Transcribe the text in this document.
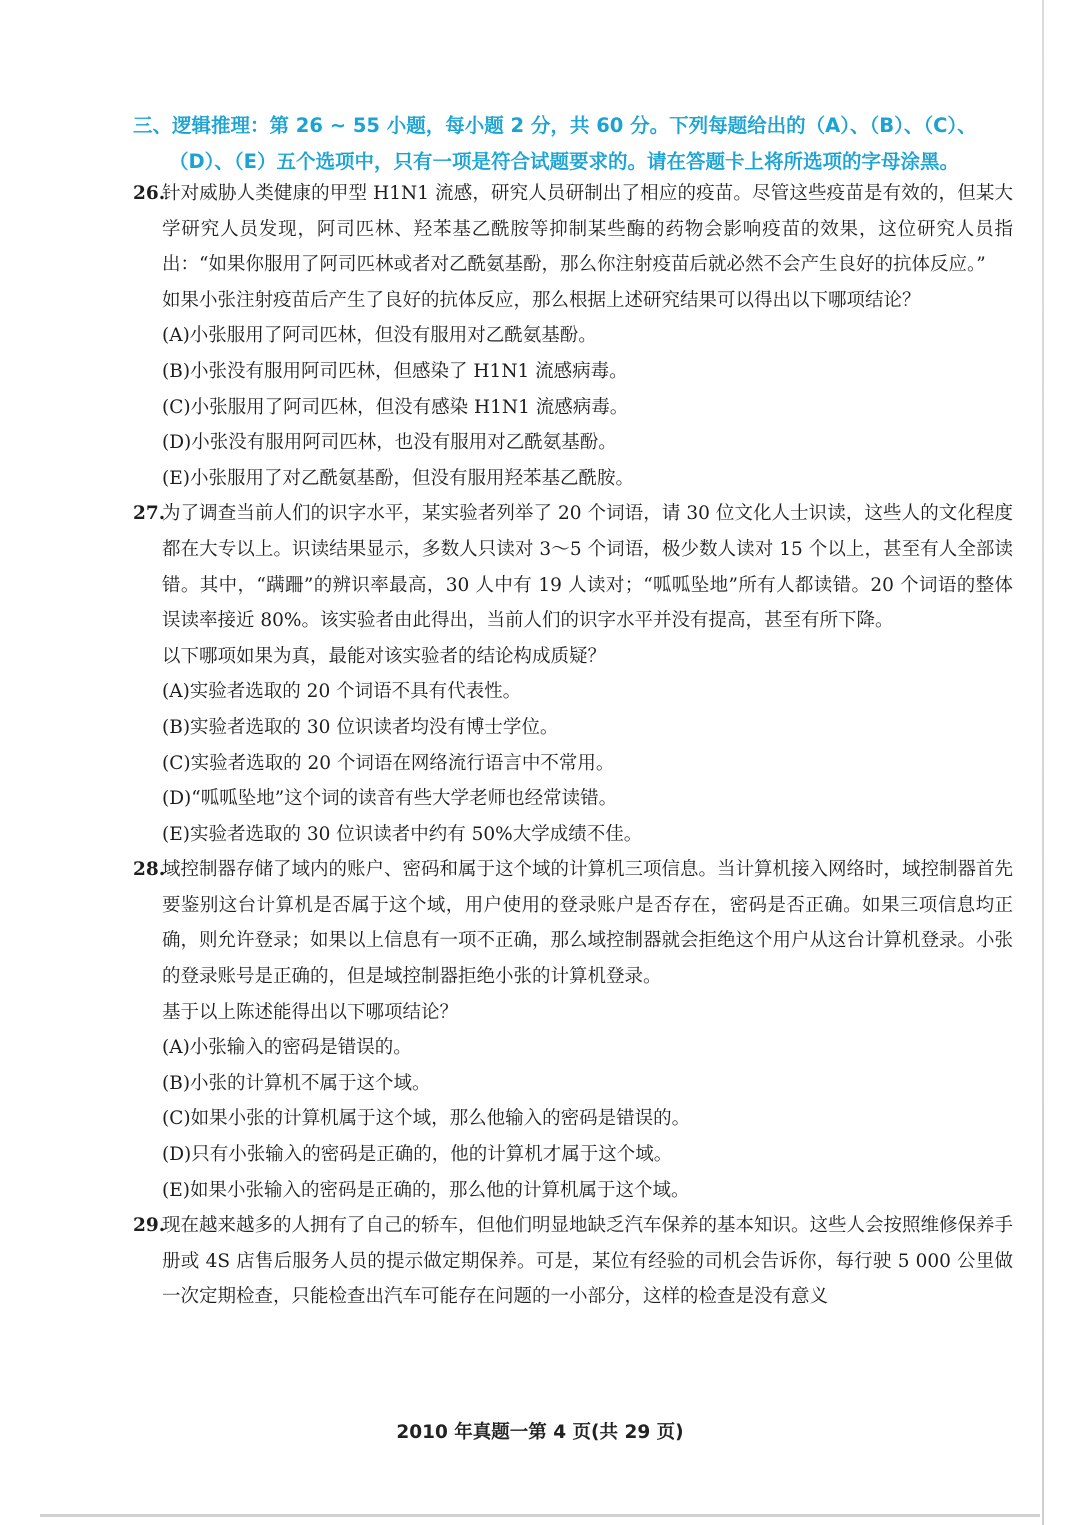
三、逻辑推理：第 26 ~ 55 小题，每小题 2 分，共 60 分。下列每题给出的（A）、（B）、（C）、
（D）、（E）五个选项中，只有一项是符合试题要求的。请在答题卡上将所选项的字母涂黑。
26.

针对威胁人类健康的甲型 H1N1 流感，研究人员研制出了相应的疫苗。尽管这些疫苗是有效的，但某大学研究人员发现，阿司匹林、羟苯基乙酰胺等抑制某些酶的药物会影响疫苗的效果，这位研究人员指出：“如果你服用了阿司匹林或者对乙酰氨基酚，那么你注射疫苗后就必然不会产生良好的抗体反应。”

如果小张注射疫苗后产生了良好的抗体反应，那么根据上述研究结果可以得出以下哪项结论？

(A)小张服用了阿司匹林，但没有服用对乙酰氨基酚。

(B)小张没有服用阿司匹林，但感染了 H1N1 流感病毒。

(C)小张服用了阿司匹林，但没有感染 H1N1 流感病毒。

(D)小张没有服用阿司匹林，也没有服用对乙酰氨基酚。

(E)小张服用了对乙酰氨基酚，但没有服用羟苯基乙酰胺。

27.

为了调查当前人们的识字水平，某实验者列举了 20 个词语，请 30 位文化人士识读，这些人的文化程度都在大专以上。识读结果显示，多数人只读对 3～5 个词语，极少数人读对 15 个以上，甚至有人全部读错。其中，“蹒跚”的辨识率最高，30 人中有 19 人读对；“呱呱坠地”所有人都读错。20 个词语的整体误读率接近 80%。该实验者由此得出，当前人们的识字水平并没有提高，甚至有所下降。

以下哪项如果为真，最能对该实验者的结论构成质疑？

(A)实验者选取的 20 个词语不具有代表性。

(B)实验者选取的 30 位识读者均没有博士学位。

(C)实验者选取的 20 个词语在网络流行语言中不常用。

(D)“呱呱坠地”这个词的读音有些大学老师也经常读错。

(E)实验者选取的 30 位识读者中约有 50%大学成绩不佳。

28.

域控制器存储了域内的账户、密码和属于这个域的计算机三项信息。当计算机接入网络时，域控制器首先要鉴别这台计算机是否属于这个域，用户使用的登录账户是否存在，密码是否正确。如果三项信息均正确，则允许登录；如果以上信息有一项不正确，那么域控制器就会拒绝这个用户从这台计算机登录。小张的登录账号是正确的，但是域控制器拒绝小张的计算机登录。

基于以上陈述能得出以下哪项结论？

(A)小张输入的密码是错误的。

(B)小张的计算机不属于这个域。

(C)如果小张的计算机属于这个域，那么他输入的密码是错误的。

(D)只有小张输入的密码是正确的，他的计算机才属于这个域。

(E)如果小张输入的密码是正确的，那么他的计算机属于这个域。

29.

现在越来越多的人拥有了自己的轿车，但他们明显地缺乏汽车保养的基本知识。这些人会按照维修保养手册或 4S 店售后服务人员的提示做定期保养。可是，某位有经验的司机会告诉你，每行驶 5 000 公里做一次定期检查，只能检查出汽车可能存在问题的一小部分，这样的检查是没有意义

2010 年真题一第 4 页(共 29 页)
